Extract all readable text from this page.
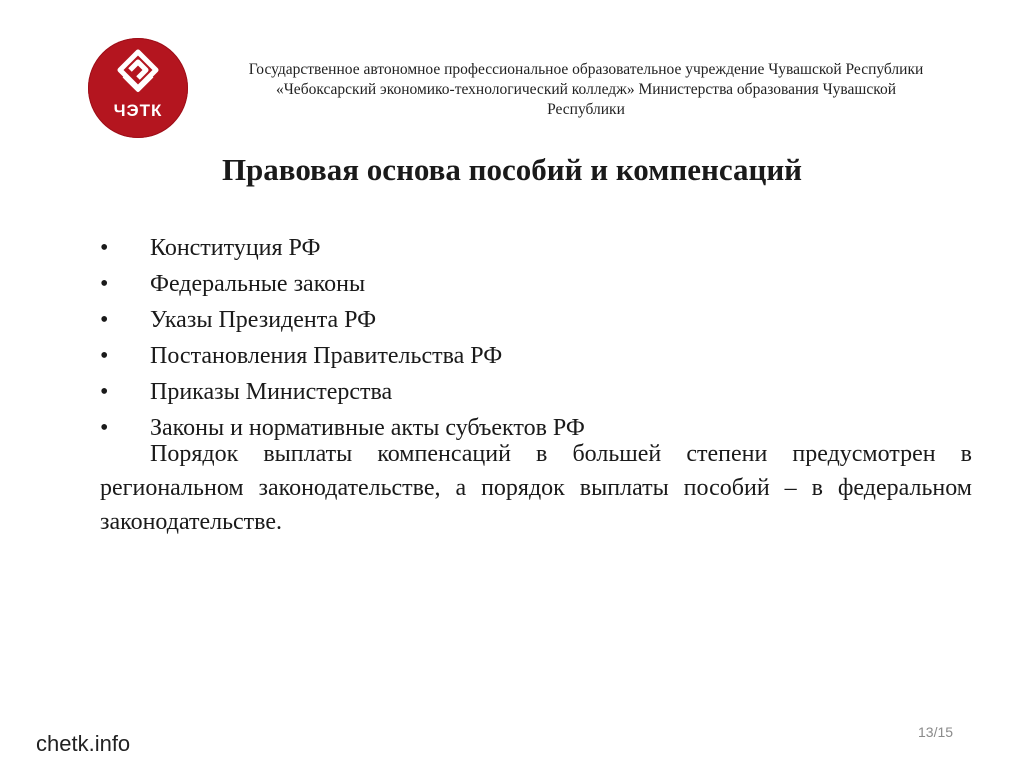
ЧЭТК
Государственное автономное профессиональное образовательное учреждение Чувашской Республики
«Чебоксарский экономико-технологический колледж» Министерства образования Чувашской
Республики
Правовая основа пособий и компенсаций
•	Конституция РФ
•	Федеральные законы
•	Указы Президента РФ
•	Постановления Правительства РФ
•	Приказы Министерства
•	Законы и нормативные акты субъектов РФ

Порядок выплаты компенсаций в большей степени предусмотрен в региональном законодательстве, а порядок выплаты пособий – в федеральном законодательстве.

chetk.info	13/15
